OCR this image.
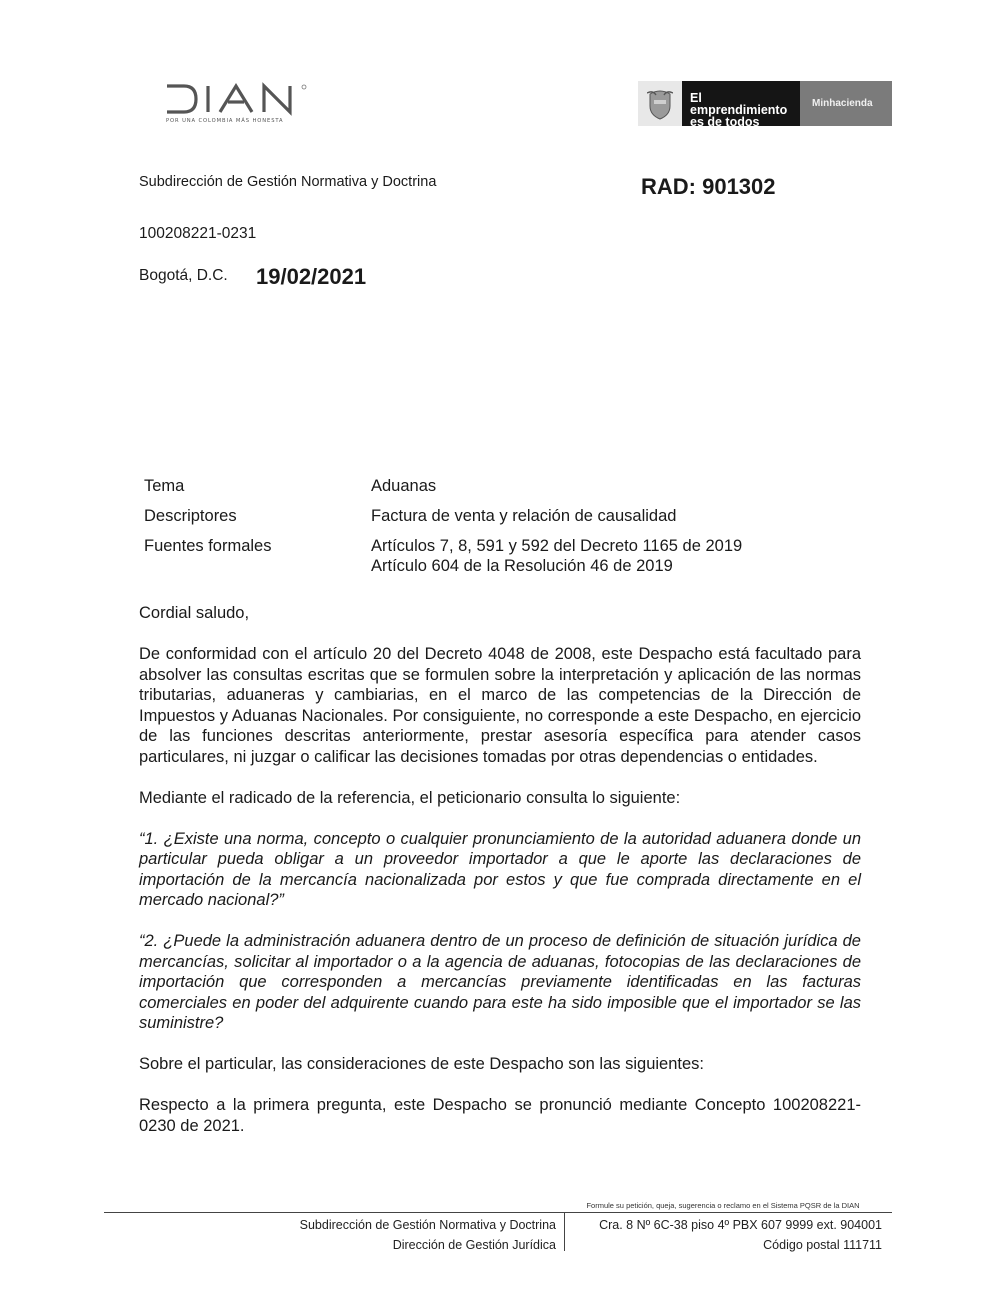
POR UNA COLOMBIA MÁS HONESTA
El emprendimiento
es de todos
Minhacienda
Subdirección de Gestión Normativa y Doctrina	RAD: 901302
100208221-0231
Bogotá, D.C. 19/02/2021
Tema	Aduanas
Descriptores	Factura de venta y relación de causalidad
Fuentes formales	Artículos 7, 8, 591 y 592 del Decreto 1165 de 2019
Artículo 604 de la Resolución 46 de 2019

Cordial saludo,

De conformidad con el artículo 20 del Decreto 4048 de 2008, este Despacho está facultado para absolver las consultas escritas que se formulen sobre la interpretación y aplicación de las normas tributarias, aduaneras y cambiarias, en el marco de las competencias de la Dirección de Impuestos y Aduanas Nacionales. Por consiguiente, no corresponde a este Despacho, en ejercicio de las funciones descritas anteriormente, prestar asesoría específica para atender casos particulares, ni juzgar o calificar las decisiones tomadas por otras dependencias o entidades.

Mediante el radicado de la referencia, el peticionario consulta lo siguiente:

“1. ¿Existe una norma, concepto o cualquier pronunciamiento de la autoridad aduanera donde un particular pueda obligar a un proveedor importador a que le aporte las declaraciones de importación de la mercancía nacionalizada por estos y que fue comprada directamente en el mercado nacional?”

“2. ¿Puede la administración aduanera dentro de un proceso de definición de situación jurídica de mercancías, solicitar al importador o a la agencia de aduanas, fotocopias de las declaraciones de importación que corresponden a mercancías previamente identificadas en las facturas comerciales en poder del adquirente cuando para este ha sido imposible que el importador se las suministre?

Sobre el particular, las consideraciones de este Despacho son las siguientes:

Respecto a la primera pregunta, este Despacho se pronunció mediante Concepto 100208221-0230 de 2021.

Formule su petición, queja, sugerencia o reclamo en el Sistema PQSR de la DIAN
Subdirección de Gestión Normativa y Doctrina
Dirección de Gestión Jurídica
Cra. 8 Nº 6C-38 piso 4º PBX 607 9999 ext. 904001
Código postal 111711
